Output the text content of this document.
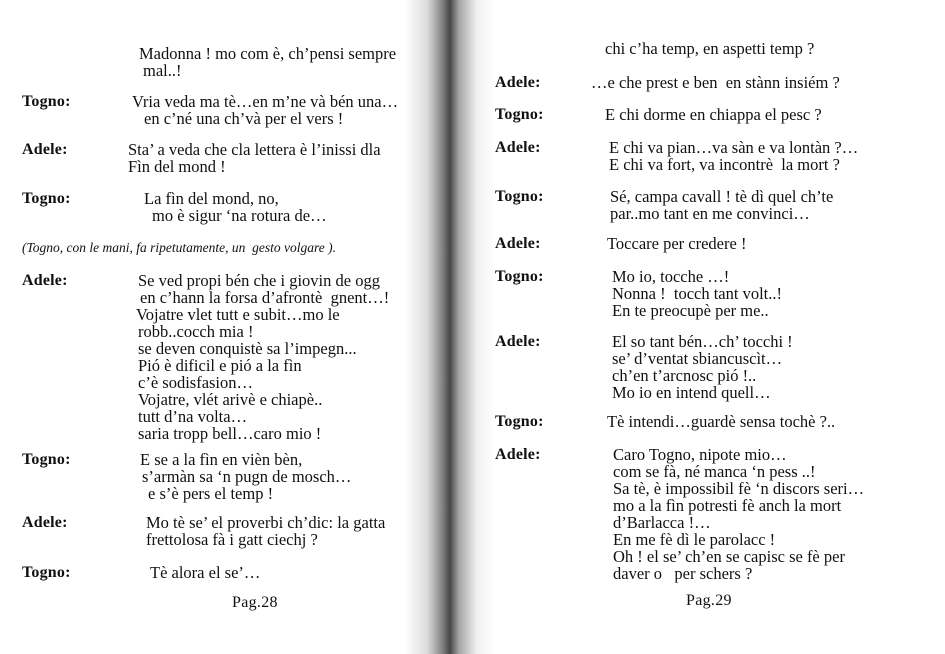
Madonna ! mo com è, ch’pensi sempre
mal..!
Togno:	Vria veda ma tè…en m’ne và bén una…
en c’né una ch’và per el vers !
Adele:	Sta’ a veda che cla lettera è l’inissi dla
Fìn del mond !
Togno:	La fìn del mond, no,
mo è sigur ‘na rotura de…
(Togno, con le mani, fa ripetutamente, un  gesto volgare ).
Adele:	Se ved propi bén che i giovin de ogg
en c’hann la forsa d’afrontè  gnent…!
Vojatre vlet tutt e subit…mo le
robb..cocch mia !
se deven conquistè sa l’impegn...
Pió è dificil e pió a la fìn
c’è sodisfasion…
Vojatre, vlét arivè e chiapè..
tutt d’na volta…
saria tropp bell…caro mio !
Togno:	E se a la fìn en vièn bèn,
s’armàn sa ‘n pugn de mosch…
e s’è pers el temp !
Adele:	Mo tè se’ el proverbi ch’dic: la gatta
frettolosa fà i gatt ciechj ?
Togno:	Tè alora el se’…
Pag.28
chi c’ha temp, en aspetti temp ?
Adele:	…e che prest e ben  en stànn insiém ?
Togno:	E chi dorme en chiappa el pesc ?
Adele:	E chi va pian…va sàn e va lontàn ?…
E chi va fort, va incontrè  la mort ?
Togno:	Sé, campa cavall ! tè dì quel ch’te
par..mo tant en me convinci…
Adele:	Toccare per credere !
Togno:	Mo io, tocche …!
Nonna !  tocch tant volt..!
En te preocupè per me..
Adele:	El so tant bén…ch’ tocchi !
se’ d’ventat sbiancuscìt…
ch’en t’arcnosc pió !..
Mo io en intend quell…
Togno:	Tè intendi…guardè sensa tochè ?..
Adele:	Caro Togno, nipote mio…
com se fà, né manca ‘n pess ..!
Sa tè, è impossibil fè ‘n discors seri…
mo a la fìn potresti fè anch la mort
d’Barlacca !…
En me fè dì le parolacc !
Oh ! el se’ ch’en se capisc se fè per
daver o   per schers ?
Pag.29
